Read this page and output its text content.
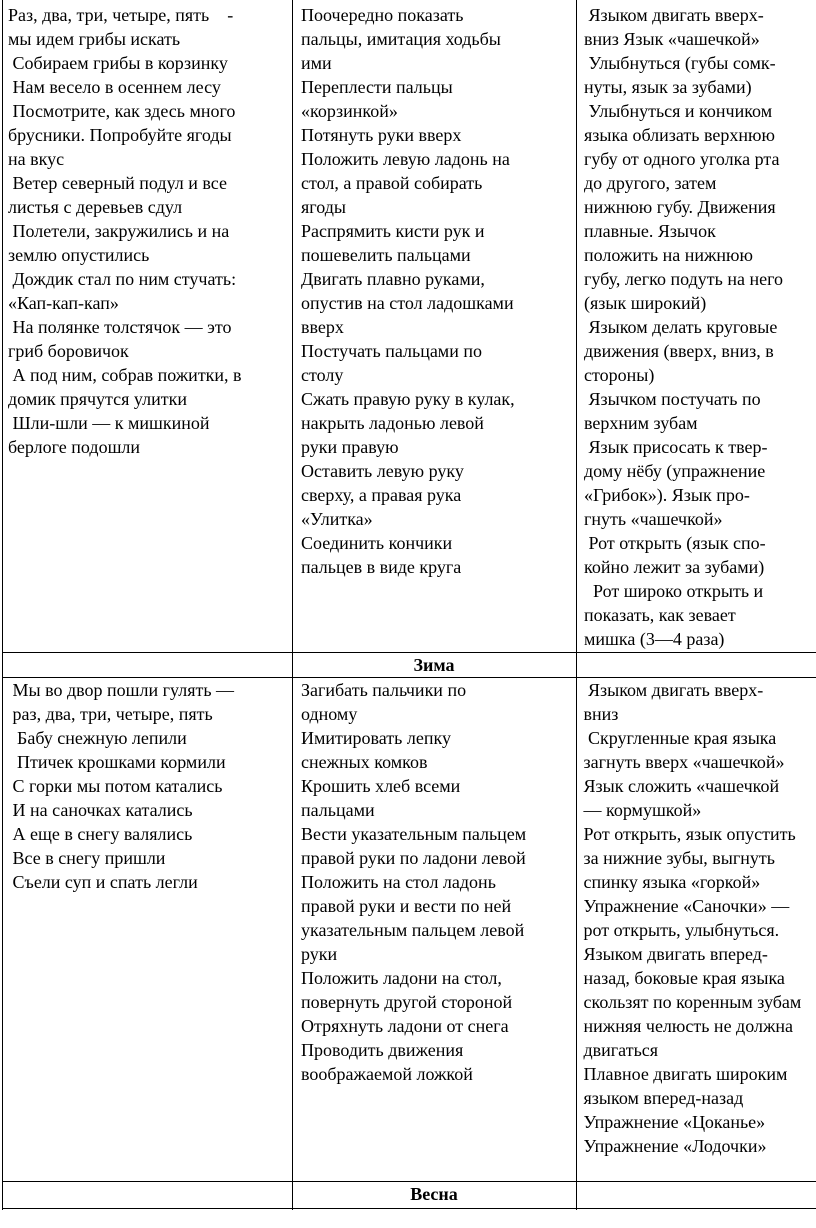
Раз, два, три, четыре, пять    -
мы идем грибы искать
Собираем грибы в корзинку
Нам весело в осеннем лесу
Посмотрите, как здесь много
брусники. Попробуйте ягоды
на вкус
Ветер северный подул и все
листья с деревьев сдул
Полетели, закружились и на
землю опустились
Дождик стал по ним стучать:
«Кап-кап-кап»
На полянке толстячок — это
гриб боровичок
А под ним, собрав пожитки, в
домик прячутся улитки
Шли-шли — к мишкиной
берлоге подошли
Поочередно показать
пальцы, имитация ходьбы
ими
Переплести пальцы
«корзинкой»
Потянуть руки вверх
Положить левую ладонь на
стол, а правой собирать
ягоды
Распрямить кисти рук и
пошевелить пальцами
Двигать плавно руками,
опустив на стол ладошками
вверх
Постучать пальцами по
столу
Сжать правую руку в кулак,
накрыть ладонью левой
руки правую
Оставить левую руку
сверху, а правая рука
«Улитка»
Соединить кончики
пальцев в виде круга
Языком двигать вверх-
вниз Язык «чашечкой»
Улыбнуться (губы сомк-
нуты, язык за зубами)
Улыбнуться и кончиком
языка облизать верхнюю
губу от одного уголка рта
до другого, затем
нижнюю губу. Движения
плавные. Язычок
положить на нижнюю
губу, легко подуть на него
(язык широкий)
Языком делать круговые
движения (вверх, вниз, в
стороны)
Язычком постучать по
верхним зубам
Язык присосать к твер-
дому нёбу (упражнение
«Грибок»). Язык про-
гнуть «чашечкой»
Рот открыть (язык спо-
койно лежит за зубами)
Рот широко открыть и
показать, как зевает
мишка (3—4 раза)
Зима
Мы во двор пошли гулять —
раз, два, три, четыре, пять
Бабу снежную лепили
Птичек крошками кормили
С горки мы потом катались
И на саночках катались
А еще в снегу валялись
Все в снегу пришли
Съели суп и спать легли
Загибать пальчики по
одному
Имитировать лепку
снежных комков
Крошить хлеб всеми
пальцами
Вести указательным пальцем
правой руки по ладони левой
Положить на стол ладонь
правой руки и вести по ней
указательным пальцем левой
руки
Положить ладони на стол,
повернуть другой стороной
Отряхнуть ладони от снега
Проводить движения
воображаемой ложкой
Языком двигать вверх-
вниз
Скругленные края языка
загнуть вверх «чашечкой»
Язык сложить «чашечкой
— кормушкой»
Рот открыть, язык опустить
за нижние зубы, выгнуть
спинку языка «горкой»
Упражнение «Саночки» —
рот открыть, улыбнуться.
Языком двигать вперед-
назад, боковые края языка
скользят по коренным зубам
нижняя челюсть не должна
двигаться
Плавное двигать широким
языком вперед-назад
Упражнение «Цоканье»
Упражнение «Лодочки»
Весна
